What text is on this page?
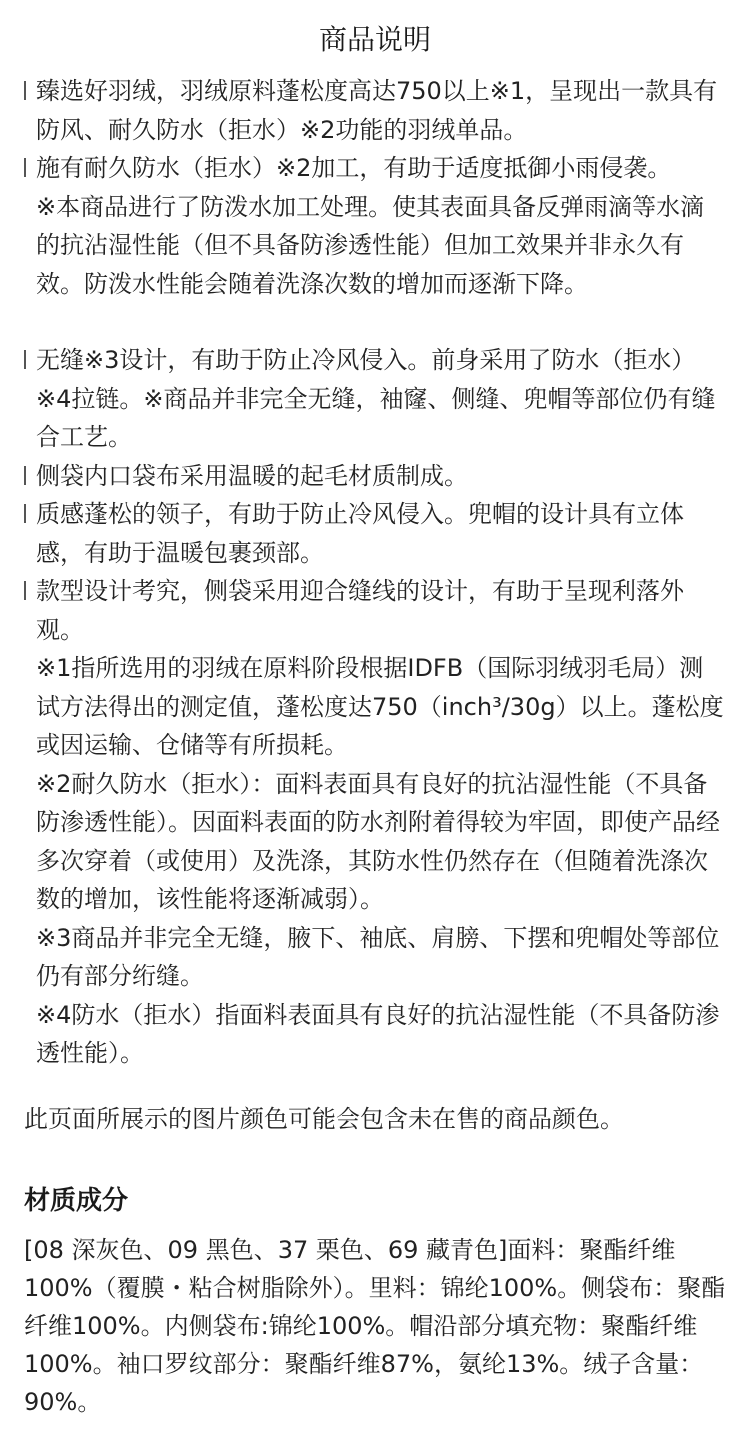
商品说明
臻选好羽绒，羽绒原料蓬松度高达750以上※1，呈现出一款具有防风、耐久防水（拒水）※2功能的羽绒单品。
施有耐久防水（拒水）※2加工，有助于适度抵御小雨侵袭。
※本商品进行了防泼水加工处理。使其表面具备反弹雨滴等水滴的抗沾湿性能（但不具备防渗透性能）但加工效果并非永久有效。防泼水性能会随着洗涤次数的增加而逐渐下降。
无缝※3设计，有助于防止冷风侵入。前身采用了防水（拒水）※4拉链。※商品并非完全无缝，袖窿、侧缝、兜帽等部位仍有缝合工艺。
侧袋内口袋布采用温暖的起毛材质制成。
质感蓬松的领子，有助于防止冷风侵入。兜帽的设计具有立体感，有助于温暖包裹颈部。
款型设计考究，侧袋采用迎合缝线的设计，有助于呈现利落外观。
※1指所选用的羽绒在原料阶段根据IDFB（国际羽绒羽毛局）测试方法得出的测定值，蓬松度达750（inch³/30g）以上。蓬松度或因运输、仓储等有所损耗。
※2耐久防水（拒水）：面料表面具有良好的抗沾湿性能（不具备防渗透性能）。因面料表面的防水剂附着得较为牢固，即使产品经多次穿着（或使用）及洗涤，其防水性仍然存在（但随着洗涤次数的增加，该性能将逐渐减弱）。
※3商品并非完全无缝，腋下、袖底、肩膀、下摆和兜帽处等部位仍有部分绗缝。
※4防水（拒水）指面料表面具有良好的抗沾湿性能（不具备防渗透性能）。
此页面所展示的图片颜色可能会包含未在售的商品颜色。
材质成分
[08 深灰色、09 黑色、37 栗色、69 藏青色]面料：聚酯纤维100%（覆膜・粘合树脂除外）。里料：锦纶100%。侧袋布：聚酯纤维100%。内侧袋布:锦纶100%。帽沿部分填充物：聚酯纤维100%。袖口罗纹部分：聚酯纤维87%，氨纶13%。绒子含量：90%。
